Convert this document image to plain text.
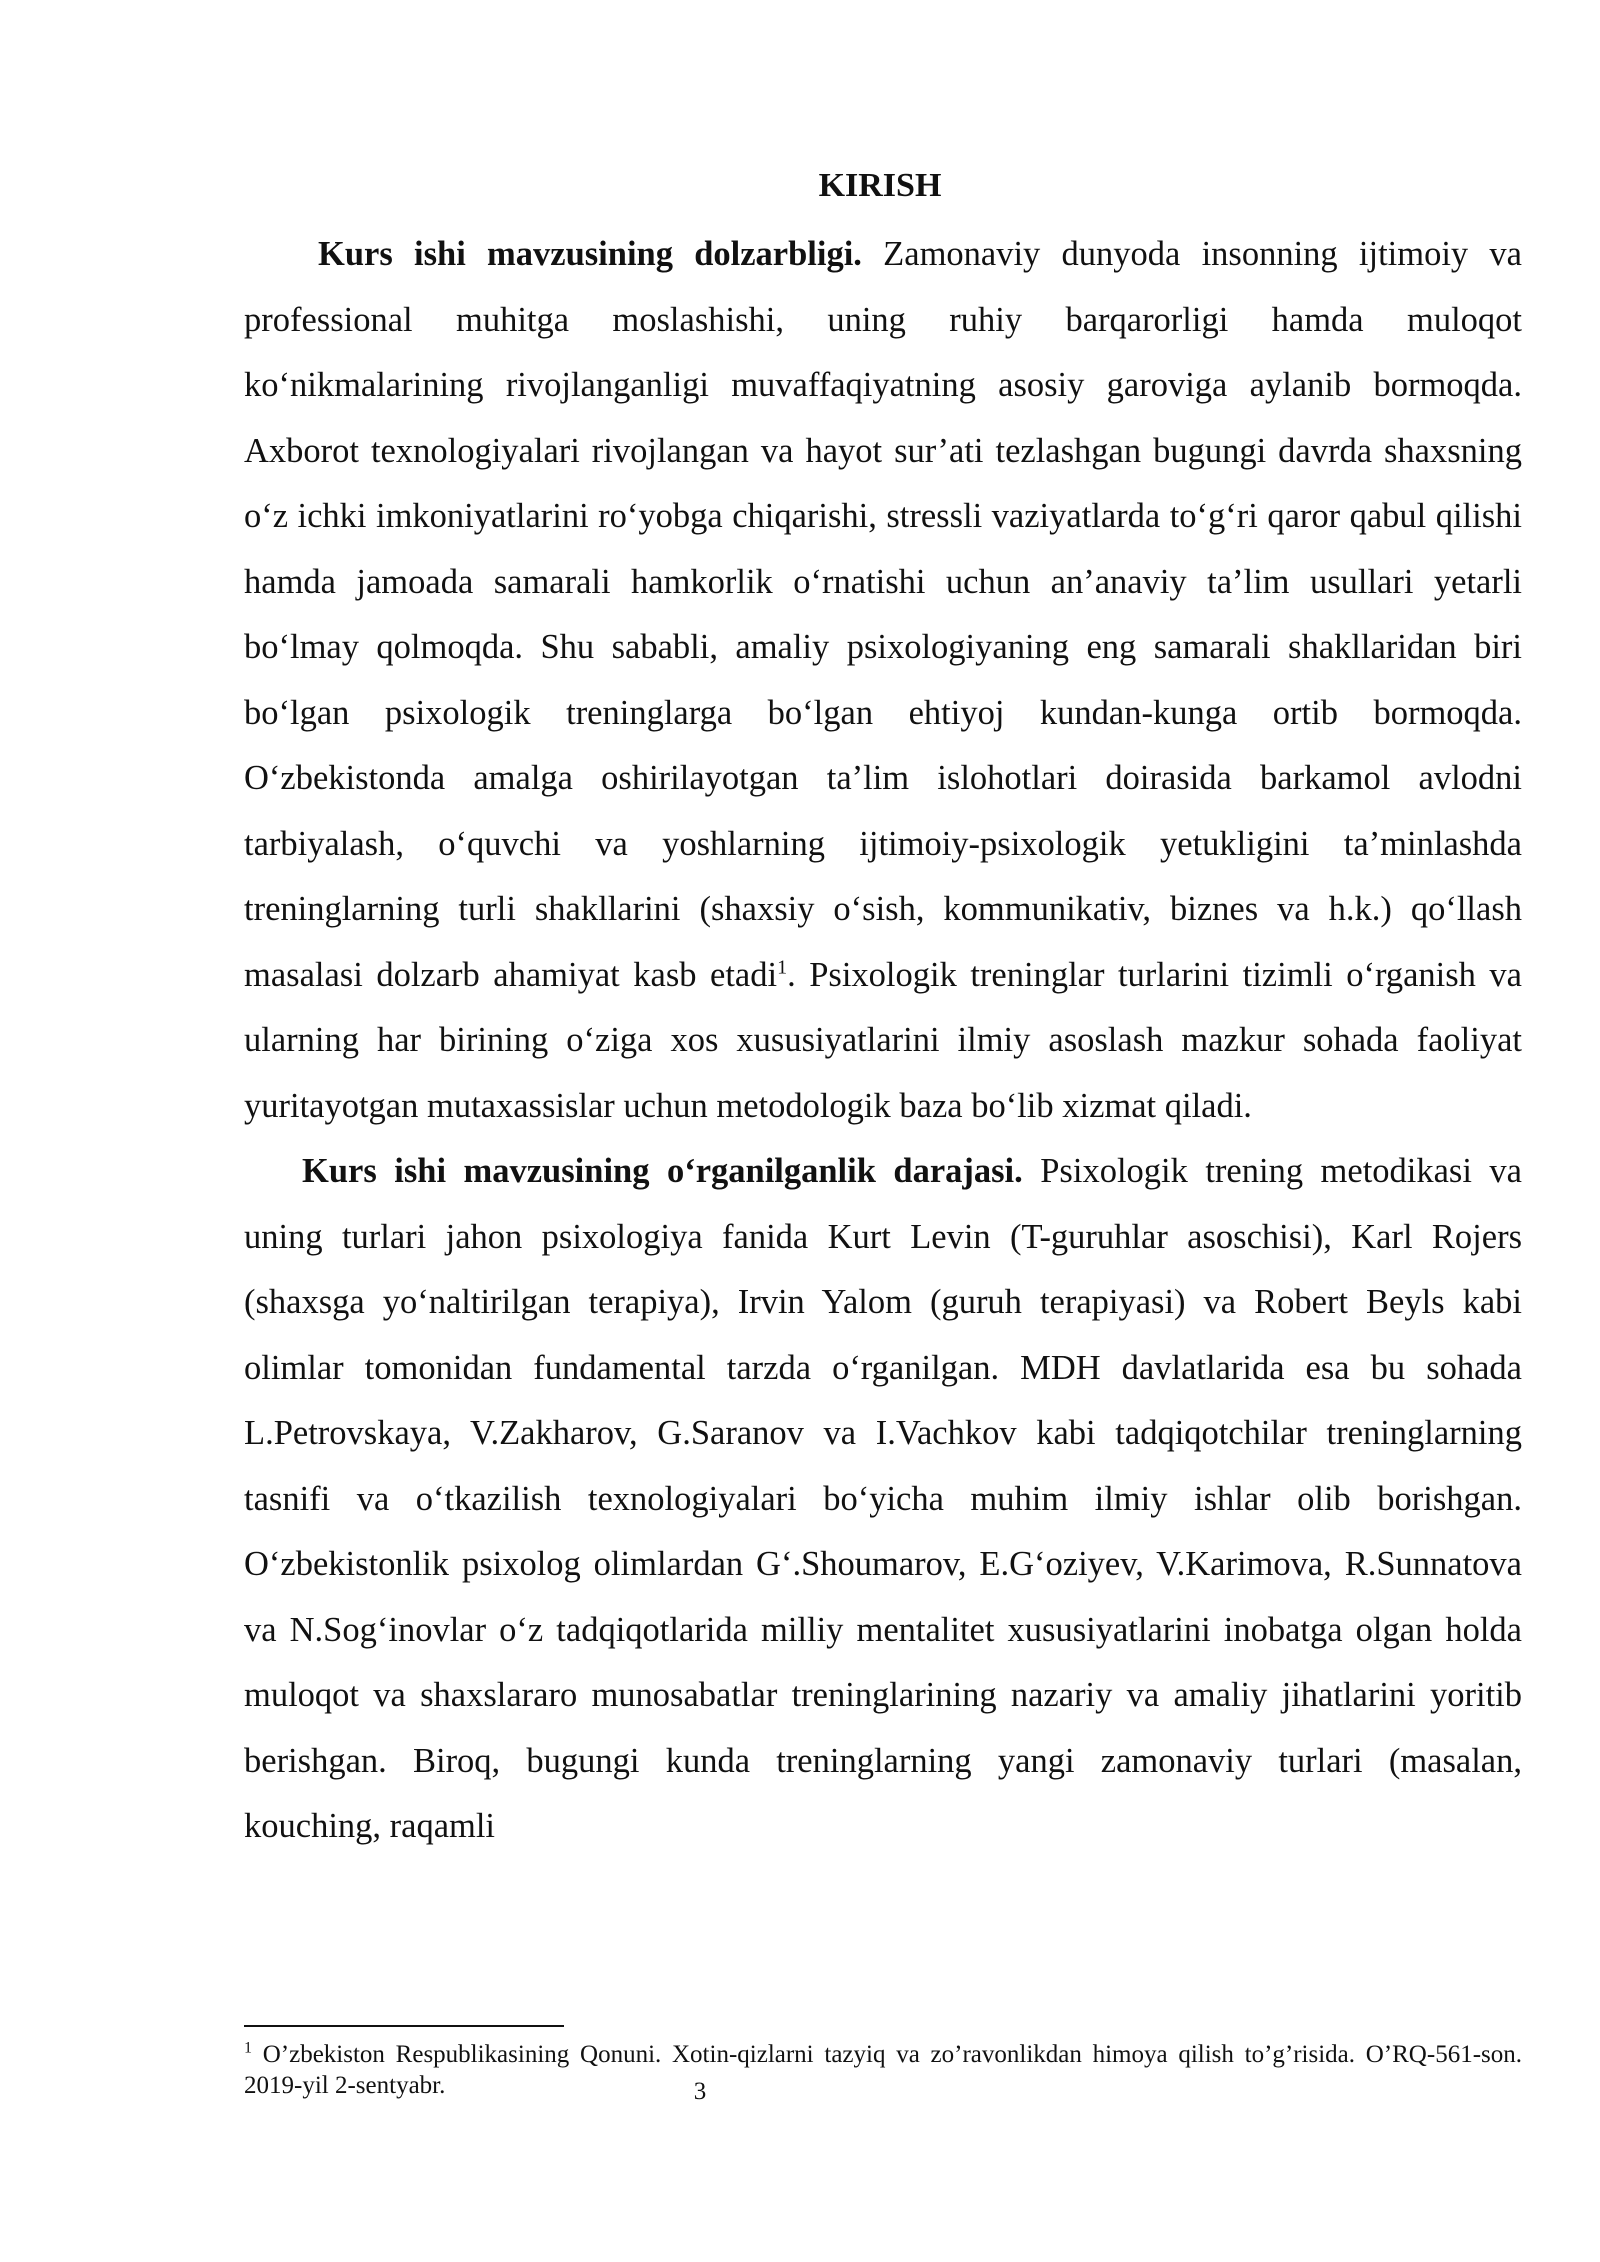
KIRISH

Kurs ishi mavzusining dolzarbligi. Zamonaviy dunyoda insonning ijtimoiy va professional muhitga moslashishi, uning ruhiy barqarorligi hamda muloqot ko‘nikmalarining rivojlanganligi muvaffaqiyatning asosiy garoviga aylanib bormoqda. Axborot texnologiyalari rivojlangan va hayot sur’ati tezlashgan bugungi davrda shaxsning o‘z ichki imkoniyatlarini ro‘yobga chiqarishi, stressli vaziyatlarda to‘g‘ri qaror qabul qilishi hamda jamoada samarali hamkorlik o‘rnatishi uchun an’anaviy ta’lim usullari yetarli bo‘lmay qolmoqda. Shu sababli, amaliy psixologiyaning eng samarali shakllaridan biri bo‘lgan psixologik treninglarga bo‘lgan ehtiyoj kundan-kunga ortib bormoqda. O‘zbekistonda amalga oshirilayotgan ta’lim islohotlari doirasida barkamol avlodni tarbiyalash, o‘quvchi va yoshlarning ijtimoiy-psixologik yetukligini ta’minlashda treninglarning turli shakllarini (shaxsiy o‘sish, kommunikativ, biznes va h.k.) qo‘llash masalasi dolzarb ahamiyat kasb etadi$^1$. Psixologik treninglar turlarini tizimli o‘rganish va ularning har birining o‘ziga xos xususiyatlarini ilmiy asoslash mazkur sohada faoliyat yuritayotgan mutaxassislar uchun metodologik baza bo‘lib xizmat qiladi.

Kurs ishi mavzusining o‘rganilganlik darajasi. Psixologik trening metodikasi va uning turlari jahon psixologiya fanida Kurt Levin (T-guruhlar asoschisi), Karl Rojers (shaxsga yo‘naltirilgan terapiya), Irvin Yalom (guruh terapiyasi) va Robert Beyls kabi olimlar tomonidan fundamental tarzda o‘rganilgan. MDH davlatlarida esa bu sohada L.Petrovskaya, V.Zakharov, G.Saranov va I.Vachkov kabi tadqiqotchilar treninglarning tasnifi va o‘tkazilish texnologiyalari bo‘yicha muhim ilmiy ishlar olib borishgan. O‘zbekistonlik psixolog olimlardan G‘.Shoumarov, E.G‘oziyev, V.Karimova, R.Sunnatova va N.Sog‘inovlar o‘z tadqiqotlarida milliy mentalitet xususiyatlarini inobatga olgan holda muloqot va shaxslararo munosabatlar treninglarining nazariy va amaliy jihatlarini yoritib berishgan. Biroq, bugungi kunda treninglarning yangi zamonaviy turlari (masalan, kouching, raqamli

$^1$ O’zbekiston Respublikasining Qonuni. Xotin-qizlarni tazyiq va zo’ravonlikdan himoya qilish to’g’risida. O’RQ-561-son. 2019-yil 2-sentyabr.	3
